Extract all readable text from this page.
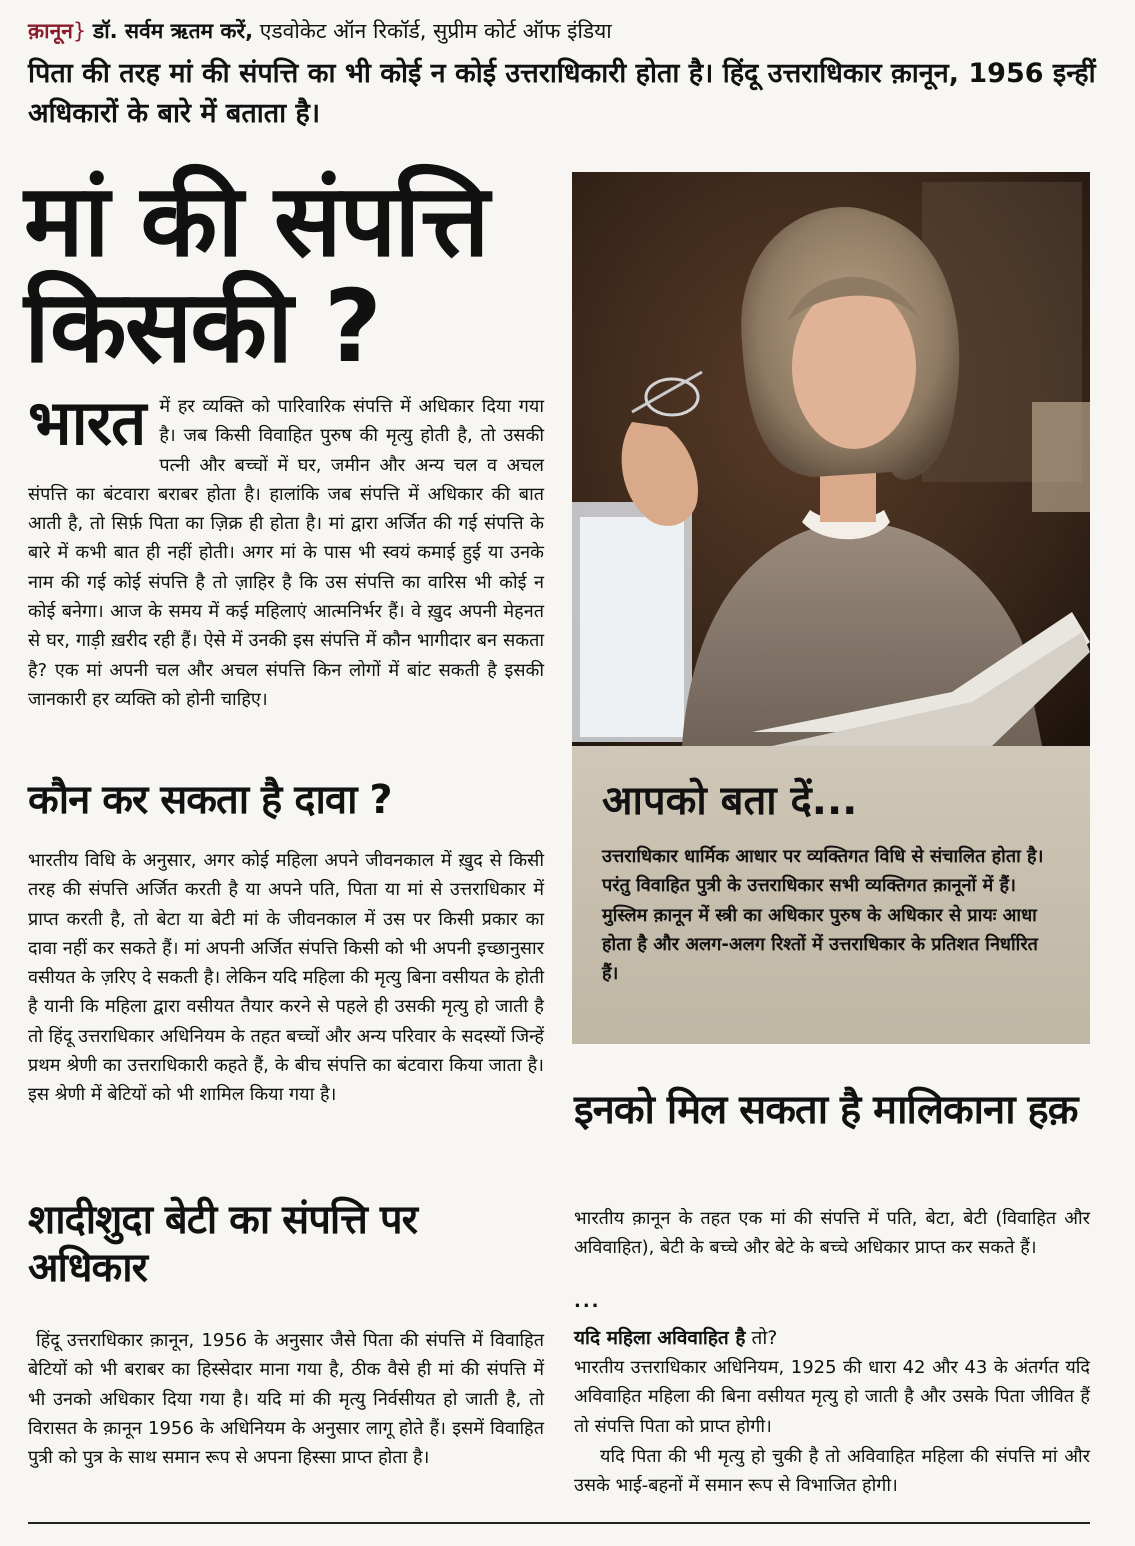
क़ानून} डॉ. सर्वम ऋतम करें, एडवोकेट ऑन रिकॉर्ड, सुप्रीम कोर्ट ऑफ इंडिया
पिता की तरह मां की संपत्ति का भी कोई न कोई उत्तराधिकारी होता है। हिंदू उत्तराधिकार क़ानून, 1956 इन्हीं अधिकारों के बारे में बताता है।
मां की संपत्ति
किसकी ?
भारत में हर व्यक्ति को पारिवारिक संपत्ति में अधिकार दिया गया है। जब किसी विवाहित पुरुष की मृत्यु होती है, तो उसकी पत्नी और बच्चों में घर, जमीन और अन्य चल व अचल संपत्ति का बंटवारा बराबर होता है। हालांकि जब संपत्ति में अधिकार की बात आती है, तो सिर्फ़ पिता का ज़िक्र ही होता है। मां द्वारा अर्जित की गई संपत्ति के बारे में कभी बात ही नहीं होती। अगर मां के पास भी स्वयं कमाई हुई या उनके नाम की गई कोई संपत्ति है तो ज़ाहिर है कि उस संपत्ति का वारिस भी कोई न कोई बनेगा। आज के समय में कई महिलाएं आत्मनिर्भर हैं। वे ख़ुद अपनी मेहनत से घर, गाड़ी ख़रीद रही हैं। ऐसे में उनकी इस संपत्ति में कौन भागीदार बन सकता है? एक मां अपनी चल और अचल संपत्ति किन लोगों में बांट सकती है इसकी जानकारी हर व्यक्ति को होनी चाहिए।
कौन कर सकता है दावा ?
भारतीय विधि के अनुसार, अगर कोई महिला अपने जीवनकाल में ख़ुद से किसी तरह की संपत्ति अर्जित करती है या अपने पति, पिता या मां से उत्तराधिकार में प्राप्त करती है, तो बेटा या बेटी मां के जीवनकाल में उस पर किसी प्रकार का दावा नहीं कर सकते हैं। मां अपनी अर्जित संपत्ति किसी को भी अपनी इच्छानुसार वसीयत के ज़रिए दे सकती है। लेकिन यदि महिला की मृत्यु बिना वसीयत के होती है यानी कि महिला द्वारा वसीयत तैयार करने से पहले ही उसकी मृत्यु हो जाती है तो हिंदू उत्तराधिकार अधिनियम के तहत बच्चों और अन्य परिवार के सदस्यों जिन्हें प्रथम श्रेणी का उत्तराधिकारी कहते हैं, के बीच संपत्ति का बंटवारा किया जाता है। इस श्रेणी में बेटियों को भी शामिल किया गया है।
शादीशुदा बेटी का संपत्ति पर अधिकार
हिंदू उत्तराधिकार क़ानून, 1956 के अनुसार जैसे पिता की संपत्ति में विवाहित बेटियों को भी बराबर का हिस्सेदार माना गया है, ठीक वैसे ही मां की संपत्ति में भी उनको अधिकार दिया गया है। यदि मां की मृत्यु निर्वसीयत हो जाती है, तो विरासत के क़ानून 1956 के अधिनियम के अनुसार लागू होते हैं। इसमें विवाहित पुत्री को पुत्र के साथ समान रूप से अपना हिस्सा प्राप्त होता है।
आपको बता दें...
उत्तराधिकार धार्मिक आधार पर व्यक्तिगत विधि से संचालित होता है। परंतु विवाहित पुत्री के उत्तराधिकार सभी व्यक्तिगत क़ानूनों में हैं। मुस्लिम क़ानून में स्त्री का अधिकार पुरुष के अधिकार से प्रायः आधा होता है और अलग-अलग रिश्तों में उत्तराधिकार के प्रतिशत निर्धारित हैं।
इनको मिल सकता है मालिकाना हक़
भारतीय क़ानून के तहत एक मां की संपत्ति में पति, बेटा, बेटी (विवाहित और अविवाहित), बेटी के बच्चे और बेटे के बच्चे अधिकार प्राप्त कर सकते हैं।
...
यदि महिला अविवाहित है तो?
भारतीय उत्तराधिकार अधिनियम, 1925 की धारा 42 और 43 के अंतर्गत यदि अविवाहित महिला की बिना वसीयत मृत्यु हो जाती है और उसके पिता जीवित हैं तो संपत्ति पिता को प्राप्त होगी।
यदि पिता की भी मृत्यु हो चुकी है तो अविवाहित महिला की संपत्ति मां और उसके भाई-बहनों में समान रूप से विभाजित होगी।
